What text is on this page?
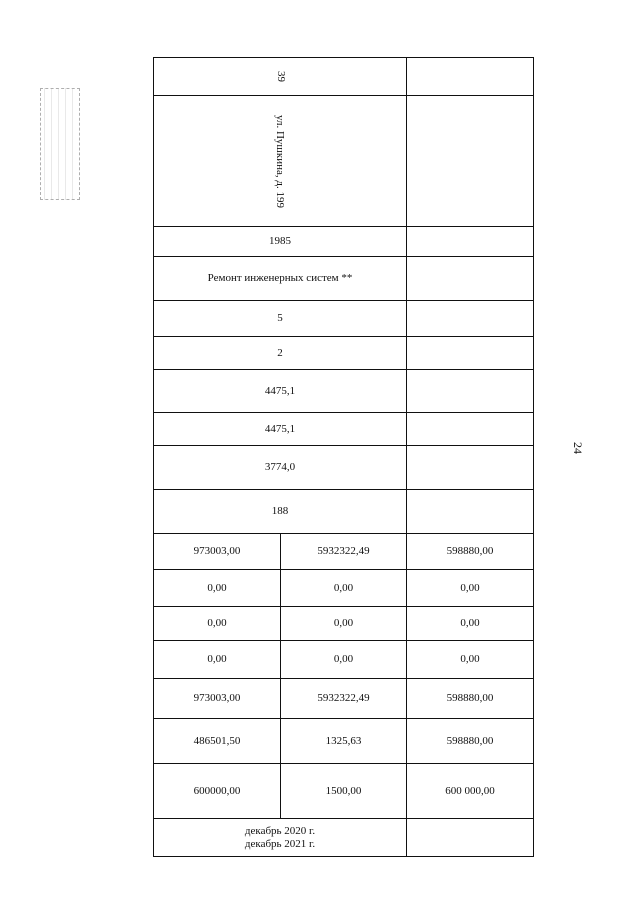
24
39		
ул. Пушкина, д. 199		
1985		
Ремонт инженерных систем **		
5		
2		
4475,1		
4475,1		
3774,0		
188		
973003,00	5932322,49	598880,00
0,00	0,00	0,00
0,00	0,00	0,00
0,00	0,00	0,00
973003,00	5932322,49	598880,00
486501,50	1325,63	598880,00
600000,00	1500,00	600 000,00

декабрь 2020 г.
декабрь 2021 г.		
